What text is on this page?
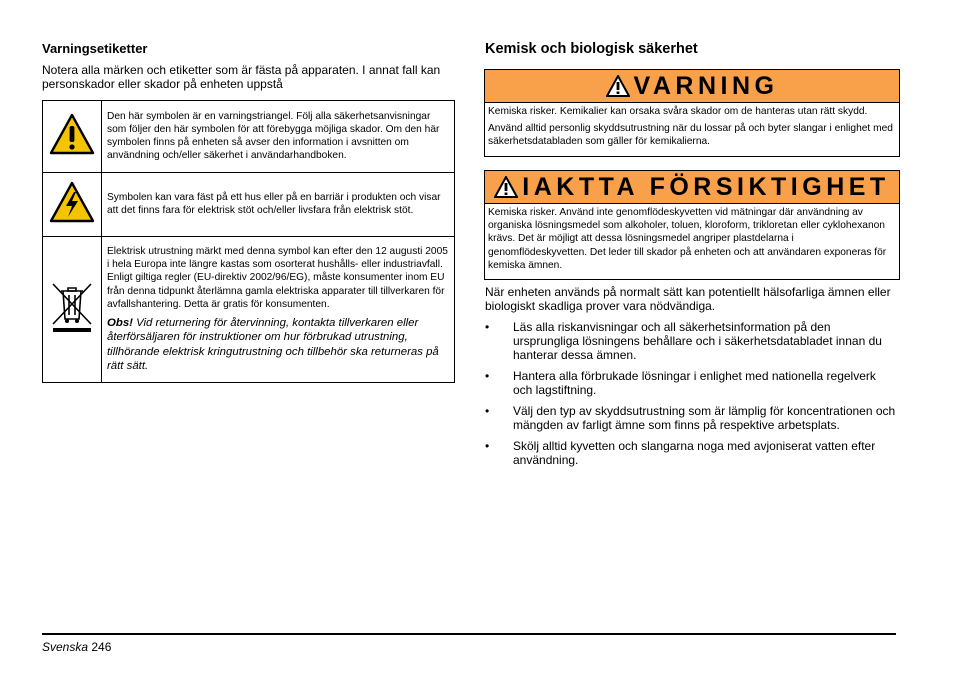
Varningsetiketter
Notera alla märken och etiketter som är fästa på apparaten. I annat fall kan personskador eller skador på enheten uppstå
	Den här symbolen är en varningstriangel. Följ alla säkerhetsanvisningar som följer den här symbolen för att förebygga möjliga skador. Om den här symbolen finns på enheten så avser den information i avsnitten om användning och/eller säkerhet i användarhandboken.
	Symbolen kan vara fäst på ett hus eller på en barriär i produkten och visar att det finns fara för elektrisk stöt och/eller livsfara från elektrisk stöt.

Elektrisk utrustning märkt med denna symbol kan efter den 12 augusti 2005 i hela Europa inte längre kastas som osorterat hushålls- eller industriavfall. Enligt giltiga regler (EU-direktiv 2002/96/EG), måste konsumenter inom EU från denna tidpunkt återlämna gamla elektriska apparater till tillverkaren för avfallshantering. Detta är gratis för konsumenten.
Obs! Vid returnering för återvinning, kontakta tillverkaren eller återförsäljaren för instruktioner om hur förbrukad utrustning, tillhörande elektrisk kringutrustning och tillbehör ska returneras på rätt sätt.
Kemisk och biologisk säkerhet
VARNING

Kemiska risker. Kemikalier kan orsaka svåra skador om de hanteras utan rätt skydd.

Använd alltid personlig skyddsutrustning när du lossar på och byter slangar i enlighet med säkerhetsdatabladen som gäller för kemikalierna.

IAKTTA FÖRSIKTIGHET

Kemiska risker. Använd inte genomflödeskyvetten vid mätningar där användning av organiska lösningsmedel som alkoholer, toluen, kloroform, trikloretan eller cyklohexanon krävs. Det är möjligt att dessa lösningsmedel angriper plastdelarna i genomflödeskyvetten. Det leder till skador på enheten och att användaren exponeras för kemiska ämnen.

När enheten används på normalt sätt kan potentiellt hälsofarliga ämnen eller biologiskt skadliga prover vara nödvändiga.
• Läs alla riskanvisningar och all säkerhetsinformation på den ursprungliga lösningens behållare och i säkerhetsdatabladet innan du hanterar dessa ämnen.
• Hantera alla förbrukade lösningar i enlighet med nationella regelverk och lagstiftning.
• Välj den typ av skyddsutrustning som är lämplig för koncentrationen och mängden av farligt ämne som finns på respektive arbetsplats.
• Skölj alltid kyvetten och slangarna noga med avjoniserat vatten efter användning.
Svenska 246
